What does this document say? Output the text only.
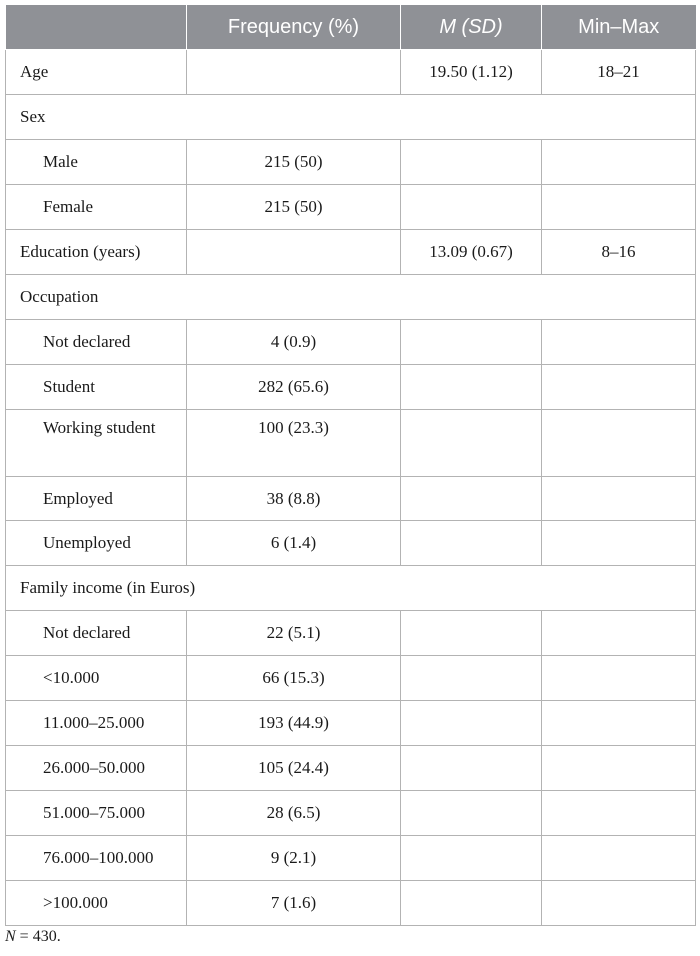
	Frequency (%)	M (SD)	Min–Max
Age		19.50 (1.12)	18–21
Sex			
Male	215 (50)		
Female	215 (50)		
Education (years)		13.09 (0.67)	8–16
Occupation			
Not declared	4 (0.9)		
Student	282 (65.6)		
Working student	100 (23.3)		
Employed	38 (8.8)		
Unemployed	6 (1.4)		
Family income (in Euros)			
Not declared	22 (5.1)		
<10.000	66 (15.3)		
11.000–25.000	193 (44.9)		
26.000–50.000	105 (24.4)		
51.000–75.000	28 (6.5)		
76.000–100.000	9 (2.1)		
>100.000	7 (1.6)		
N = 430.
